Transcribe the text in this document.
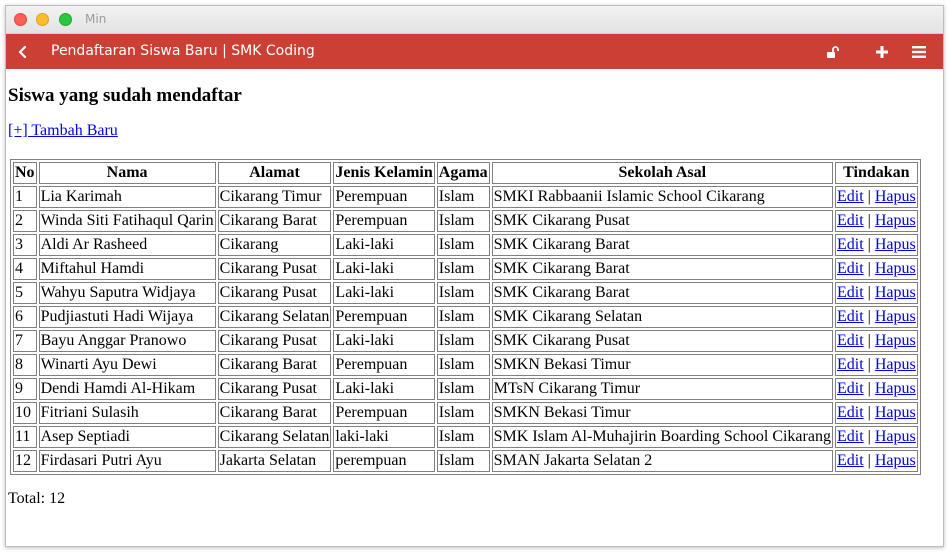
Min
Pendaftaran Siswa Baru | SMK Coding
Siswa yang sudah mendaftar
[+] Tambah Baru
No	Nama	Alamat	Jenis Kelamin	Agama	Sekolah Asal	Tindakan
1	Lia Karimah	Cikarang Timur	Perempuan	Islam	SMKI Rabbaanii Islamic School Cikarang	Edit | Hapus
2	Winda Siti Fatihaqul Qarin	Cikarang Barat	Perempuan	Islam	SMK Cikarang Pusat	Edit | Hapus
3	Aldi Ar Rasheed	Cikarang	Laki-laki	Islam	SMK Cikarang Barat	Edit | Hapus
4	Miftahul Hamdi	Cikarang Pusat	Laki-laki	Islam	SMK Cikarang Barat	Edit | Hapus
5	Wahyu Saputra Widjaya	Cikarang Pusat	Laki-laki	Islam	SMK Cikarang Barat	Edit | Hapus
6	Pudjiastuti Hadi Wijaya	Cikarang Selatan	Perempuan	Islam	SMK Cikarang Selatan	Edit | Hapus
7	Bayu Anggar Pranowo	Cikarang Pusat	Laki-laki	Islam	SMK Cikarang Pusat	Edit | Hapus
8	Winarti Ayu Dewi	Cikarang Barat	Perempuan	Islam	SMKN Bekasi Timur	Edit | Hapus
9	Dendi Hamdi Al-Hikam	Cikarang Pusat	Laki-laki	Islam	MTsN Cikarang Timur	Edit | Hapus
10	Fitriani Sulasih	Cikarang Barat	Perempuan	Islam	SMKN Bekasi Timur	Edit | Hapus
11	Asep Septiadi	Cikarang Selatan	laki-laki	Islam	SMK Islam Al-Muhajirin Boarding School Cikarang	Edit | Hapus
12	Firdasari Putri Ayu	Jakarta Selatan	perempuan	Islam	SMAN Jakarta Selatan 2	Edit | Hapus
Total: 12
